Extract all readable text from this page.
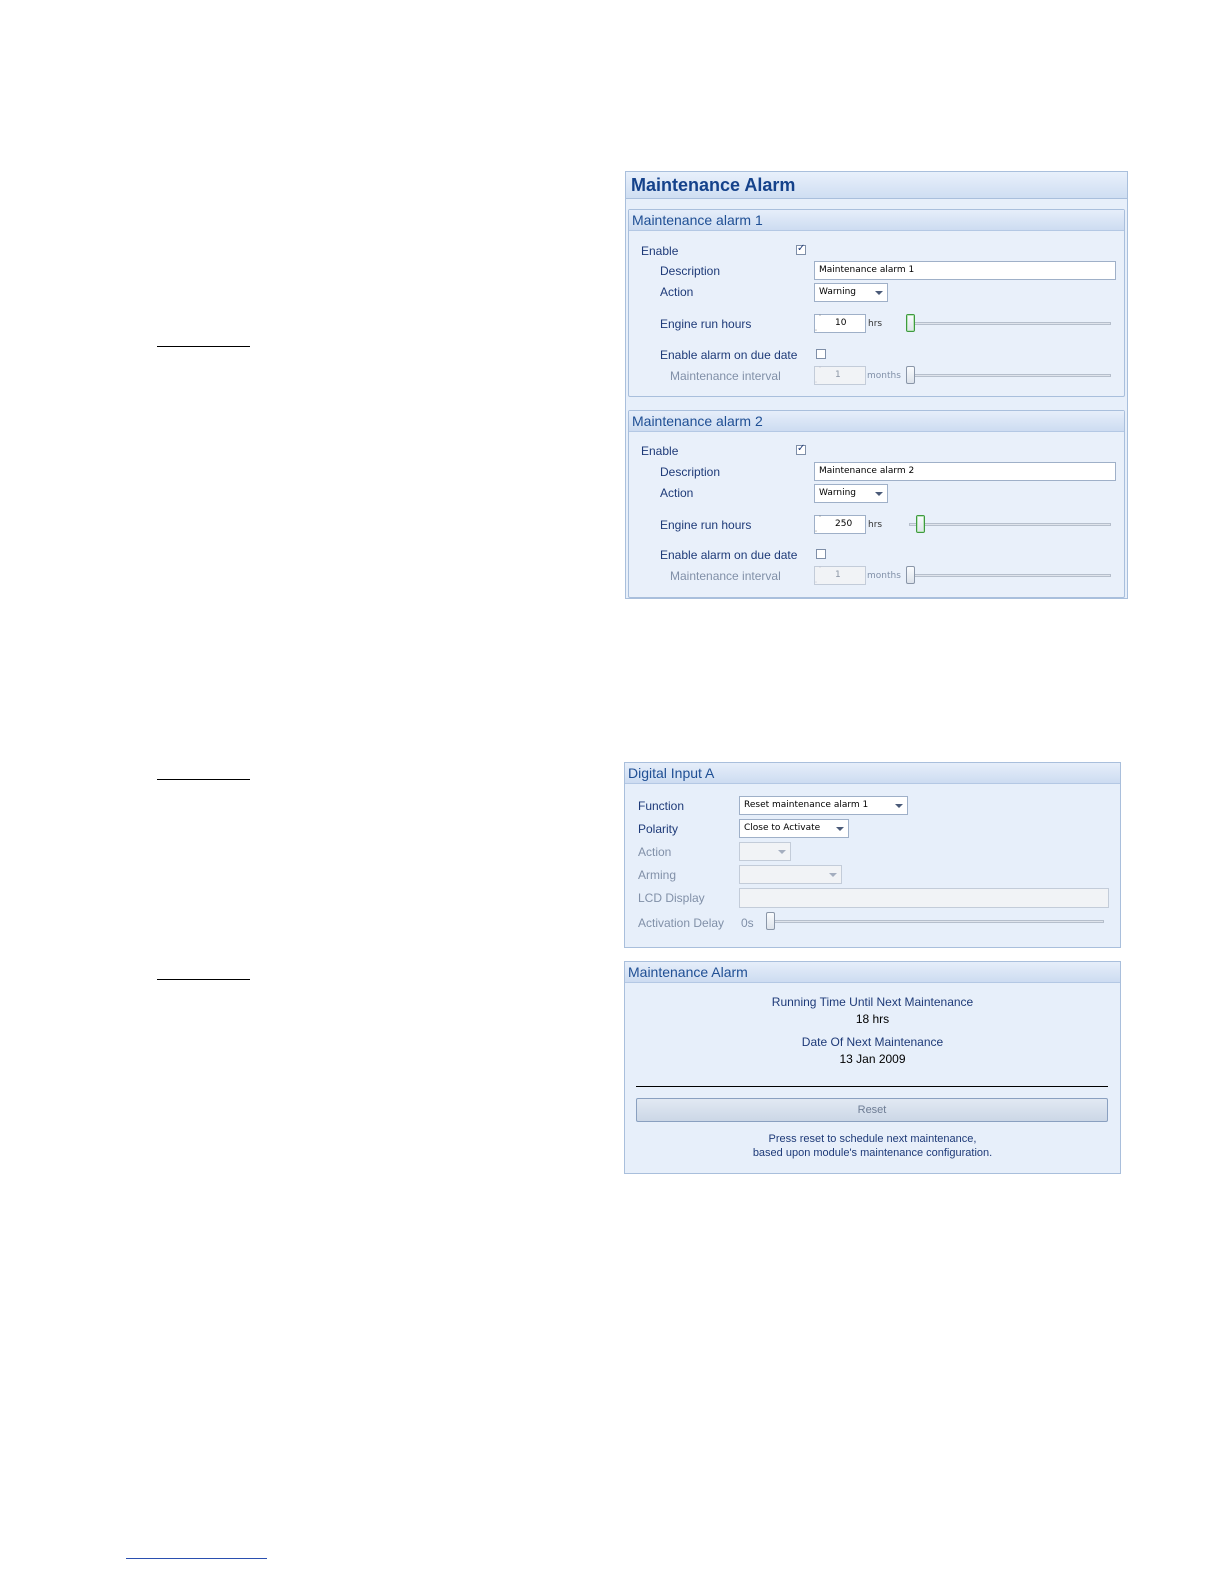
Maintenance Alarm
Maintenance alarm 1
Enable
✓
Description	Maintenance alarm 1
Action	Warning
Engine run hours	˙ 10 hrs
Enable alarm on due date
Maintenance interval	˙ 1	months
Maintenance alarm 2
Enable
✓
Description	Maintenance alarm 2
Action	Warning
Engine run hours	˙ 250 hrs
Enable alarm on due date
Maintenance interval	˙ 1	months
Digital Input A
Function	Reset maintenance alarm 1
Polarity	Close to Activate
Action
Arming
LCD Display
Activation Delay 0s
Maintenance Alarm
Running Time Until Next Maintenance
18 hrs
Date Of Next Maintenance
13 Jan 2009
Reset
Press reset to schedule next maintenance,
based upon module's maintenance configuration.
